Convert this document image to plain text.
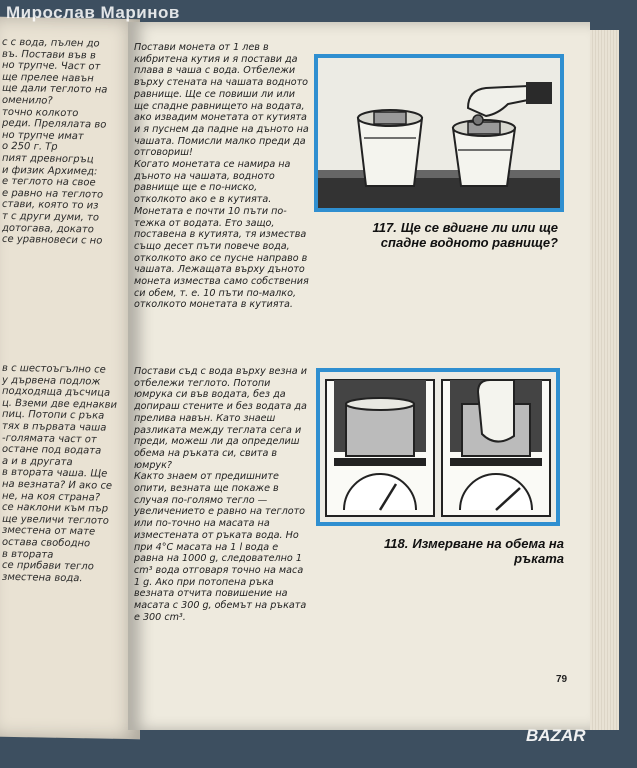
с с вода, пълен до
въ. Постави във в
но трупче. Част от
ще прелее навън
ще дали теглото на
оменило?
точно колкото
реди. Прелялата во
но трупче имат
о 250 г. Тр
пият древногръц
и физик Архимед:
е теглото на свое
е равно на теглото
стави, която то из
т с други думи, то
дотогава, докато
се уравновеси с но
в с шестоъгълно се
у дървена подлож
подходяща дъсчица
ц. Вземи две еднакви
пиц. Потопи с ръка
тях в първата чаша
-голямата част от
остане под водата
а и в другата
в втората чаша. Ще
на везната? И ако се
не, на коя страна?
се наклони към пър
ще увеличи теглото
зместена от мате
остава свободно
в втората
се прибави тегло
зместена вода.
Постави монета от 1 лев в кибритена кутия и я постави да плава в чаша с вода. Отбележи върху стената на чашата водното равнище. Ще се повиши ли или ще спадне равнището на водата, ако извадим монетата от кутията и я пуснем да падне на дъното на чашата. Помисли малко преди да отговориш!
Когато монетата се намира на дъното на чашата, водното равнище ще е по-ниско, отколкото ако е в кутията. Монетата е почти 10 пъти по-тежка от водата. Ето защо, поставена в кутията, тя измества също десет пъти повече вода, отколкото ако се пусне направо в чашата. Лежащата върху дъното монета измества само собствения си обем, т. е. 10 пъти по-малко, отколкото монетата в кутията.
117. Ще се вдигне ли или ще спадне водното равнище?
Постави съд с вода върху везна и отбележи теглото. Потопи юмрука си във водата, без да допираш стените и без водата да прелива навън. Като знаеш разликата между теглата сега и преди, можеш ли да определиш обема на ръката си, свита в юмрук?
Както знаем от предишните опити, везната ще покаже в случая по-голямо тегло — увеличението е равно на теглото или по-точно на масата на изместената от ръката вода. Но при 4°С масата на 1 l вода е равна на 1000 g, следователно 1 cm³ вода отговаря точно на маса 1 g. Ако при потопена ръка везната отчита повишение на масата с 300 g, обемът на ръката е 300 cm³.
118. Измерване на обема на ръката
79
Мирослав Маринов
BAZAR
